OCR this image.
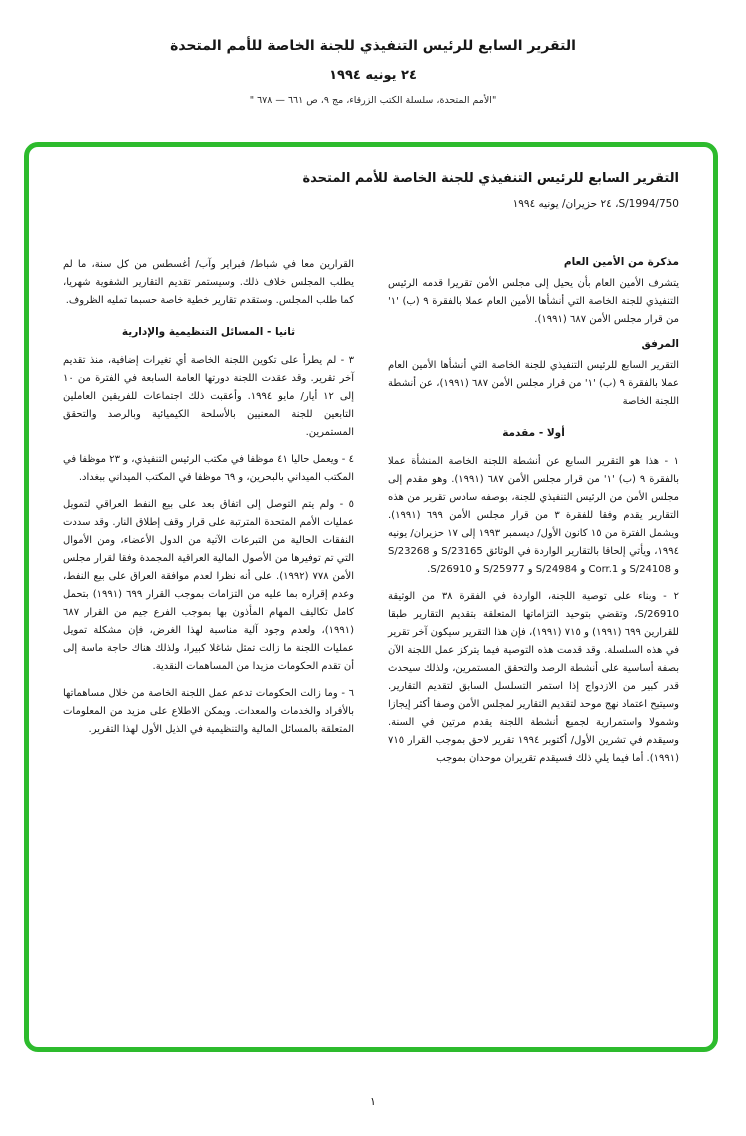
التقرير السابع للرئيس التنفيذي للجنة الخاصة للأمم المتحدة
٢٤ يونيه ١٩٩٤
"الأمم المتحدة، سلسلة الكتب الزرقاء، مج ٩، ص ٦٦١ — ٦٧٨ "
التقرير السابع للرئيس التنفيذي للجنة الخاصة للأمم المتحدة
S/1994/750، ٢٤ حزيران/ يونيه ١٩٩٤
مذكرة من الأمين العام

يتشرف الأمين العام بأن يحيل إلى مجلس الأمن تقريرا قدمه الرئيس التنفيذي للجنة الخاصة التي أنشأها الأمين العام عملا بالفقرة ٩ (ب) '١' من قرار مجلس الأمن ٦٨٧ (١٩٩١).

المرفق

التقرير السابع للرئيس التنفيذي للجنة الخاصة التي أنشأها الأمين العام عملا بالفقرة ٩ (ب) '١' من قرار مجلس الأمن ٦٨٧ (١٩٩١)، عن أنشطة اللجنة الخاصة

أولا - مقدمة

١ - هذا هو التقرير السابع عن أنشطة اللجنة الخاصة المنشأة عملا بالفقرة ٩ (ب) '١' من قرار مجلس الأمن ٦٨٧ (١٩٩١). وهو مقدم إلى مجلس الأمن من الرئيس التنفيذي للجنة، بوصفه سادس تقرير من هذه التقارير يقدم وفقا للفقرة ٣ من قرار مجلس الأمن ٦٩٩ (١٩٩١). ويشمل الفترة من ١٥ كانون الأول/ ديسمبر ١٩٩٣ إلى ١٧ حزيران/ يونيه ١٩٩٤، ويأتي إلحاقا بالتقارير الواردة في الوثائق S/23165 و S/23268 و S/24108 و Corr.1 و S/24984 و S/25977 و S/26910.

٢ - وبناء على توصية اللجنة، الواردة في الفقرة ٣٨ من الوثيقة S/26910، وتقضي بتوحيد التزاماتها المتعلقة بتقديم التقارير طبقا للقرارين ٦٩٩ (١٩٩١) و ٧١٥ (١٩٩١)، فإن هذا التقرير سيكون آخر تقرير في هذه السلسلة. وقد قدمت هذه التوصية فيما يتركز عمل اللجنة الآن بصفة أساسية على أنشطة الرصد والتحقق المستمرين، ولذلك سيحدث قدر كبير من الازدواج إذا استمر التسلسل السابق لتقديم التقارير. وسيتيح اعتماد نهج موحد لتقديم التقارير لمجلس الأمن وصفا أكثر إيجازا وشمولا واستمرارية لجميع أنشطة اللجنة يقدم مرتين في السنة. وسيقدم في تشرين الأول/ أكتوبر ١٩٩٤ تقرير لاحق بموجب القرار ٧١٥ (١٩٩١). أما فيما يلي ذلك فسيقدم تقريران موحدان بموجب

القرارين معا في شباط/ فبراير وآب/ أغسطس من كل سنة، ما لم يطلب المجلس خلاف ذلك. وسيستمر تقديم التقارير الشفوية شهريا، كما طلب المجلس. وستقدم تقارير خطية خاصة حسبما تمليه الظروف.

ثانيا - المسائل التنظيمية والإدارية

٣ - لم يطرأ على تكوين اللجنة الخاصة أي تغيرات إضافية، منذ تقديم آخر تقرير. وقد عقدت اللجنة دورتها العامة السابعة في الفترة من ١٠ إلى ١٢ أيار/ مايو ١٩٩٤. وأعقبت ذلك اجتماعات للفريقين العاملين التابعين للجنة المعنيين بالأسلحة الكيميائية وبالرصد والتحقق المستمرين.

٤ - ويعمل حاليا ٤١ موظفا في مكتب الرئيس التنفيذي، و ٢٣ موظفا في المكتب الميداني بالبحرين، و ٦٩ موظفا في المكتب الميداني ببغداد.

٥ - ولم يتم التوصل إلى اتفاق بعد على بيع النفط العراقي لتمويل عمليات الأمم المتحدة المترتبة على قرار وقف إطلاق النار. وقد سددت النفقات الحالية من التبرعات الآتية من الدول الأعضاء، ومن الأموال التي تم توفيرها من الأصول المالية العراقية المجمدة وفقا لقرار مجلس الأمن ٧٧٨ (١٩٩٢). على أنه نظرا لعدم موافقة العراق على بيع النفط، وعدم إقراره بما عليه من التزامات بموجب القرار ٦٩٩ (١٩٩١) بتحمل كامل تكاليف المهام المأذون بها بموجب الفرع جيم من القرار ٦٨٧ (١٩٩١)، ولعدم وجود آلية مناسبة لهذا الغرض، فإن مشكلة تمويل عمليات اللجنة ما زالت تمثل شاغلا كبيرا، ولذلك هناك حاجة ماسة إلى أن تقدم الحكومات مزيدا من المساهمات النقدية.

٦ - وما زالت الحكومات تدعم عمل اللجنة الخاصة من خلال مساهماتها بالأفراد والخدمات والمعدات. ويمكن الاطلاع على مزيد من المعلومات المتعلقة بالمسائل المالية والتنظيمية في الذيل الأول لهذا التقرير.

١
